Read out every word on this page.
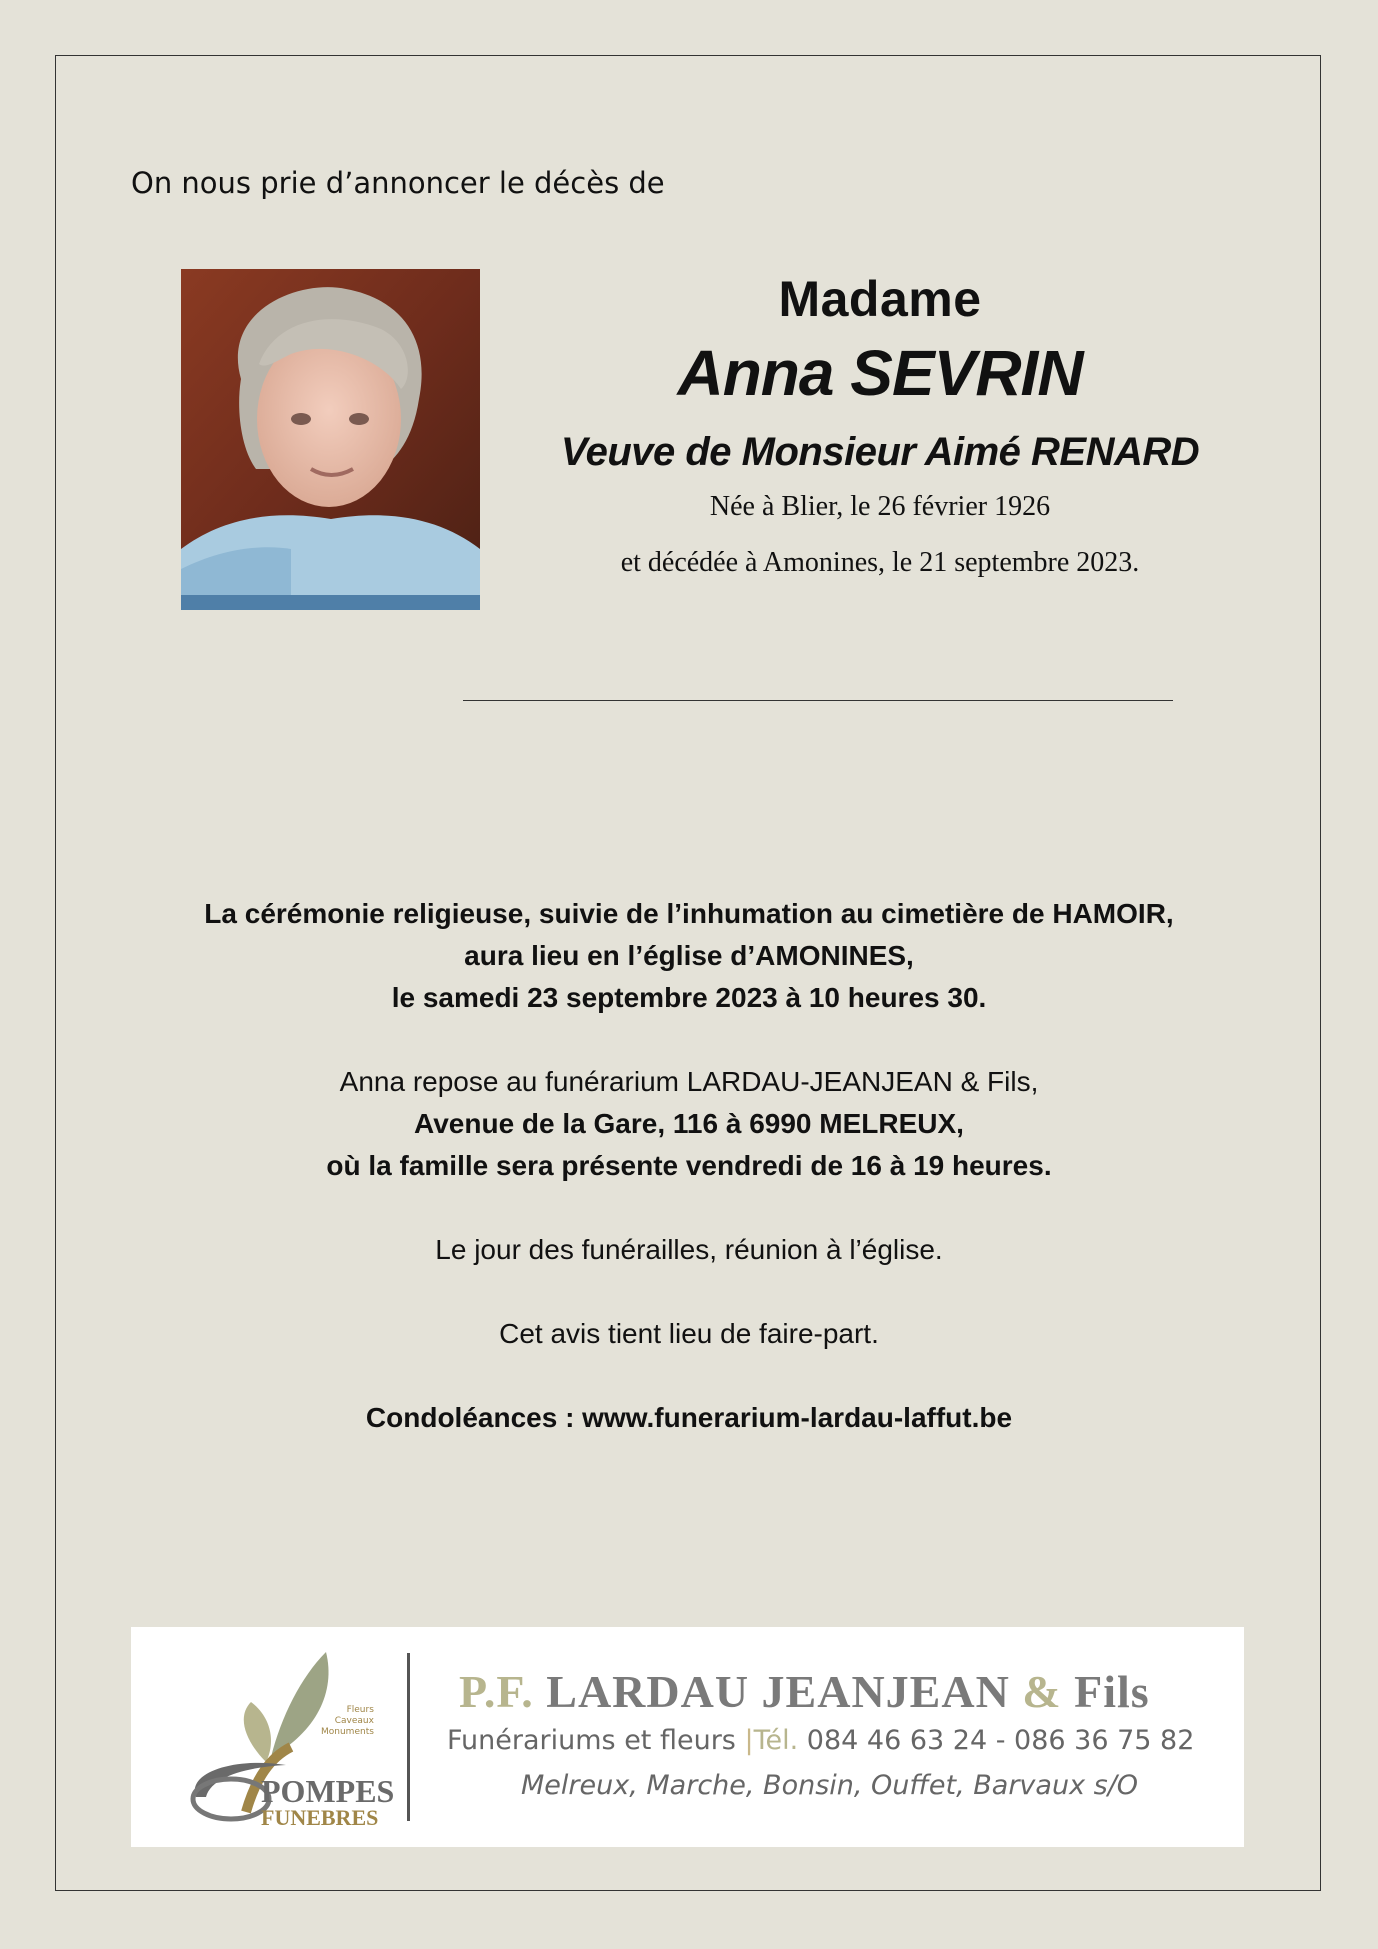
On nous prie d’annoncer le décès de
Madame
Anna SEVRIN
Veuve de Monsieur Aimé RENARD
Née à Blier, le 26 février 1926
et décédée à Amonines, le 21 septembre 2023.
La cérémonie religieuse, suivie de l’inhumation au cimetière de HAMOIR,
aura lieu en l’église d’AMONINES,
le samedi 23 septembre 2023 à 10 heures 30.
Anna repose au funérarium LARDAU-JEANJEAN & Fils,
Avenue de la Gare, 116 à 6990 MELREUX,
où la famille sera présente vendredi de 16 à 19 heures.
Le jour des funérailles, réunion à l’église.
Cet avis tient lieu de faire-part.
Condoléances : www.funerarium-lardau-laffut.be
POMPES
FUNEBRES
Fleurs
Caveaux
Monuments
P.F. LARDAU JEANJEAN & Fils
Funérariums et fleurs |Tél. 084 46 63 24 - 086 36 75 82
Melreux, Marche, Bonsin, Ouffet, Barvaux s/O
